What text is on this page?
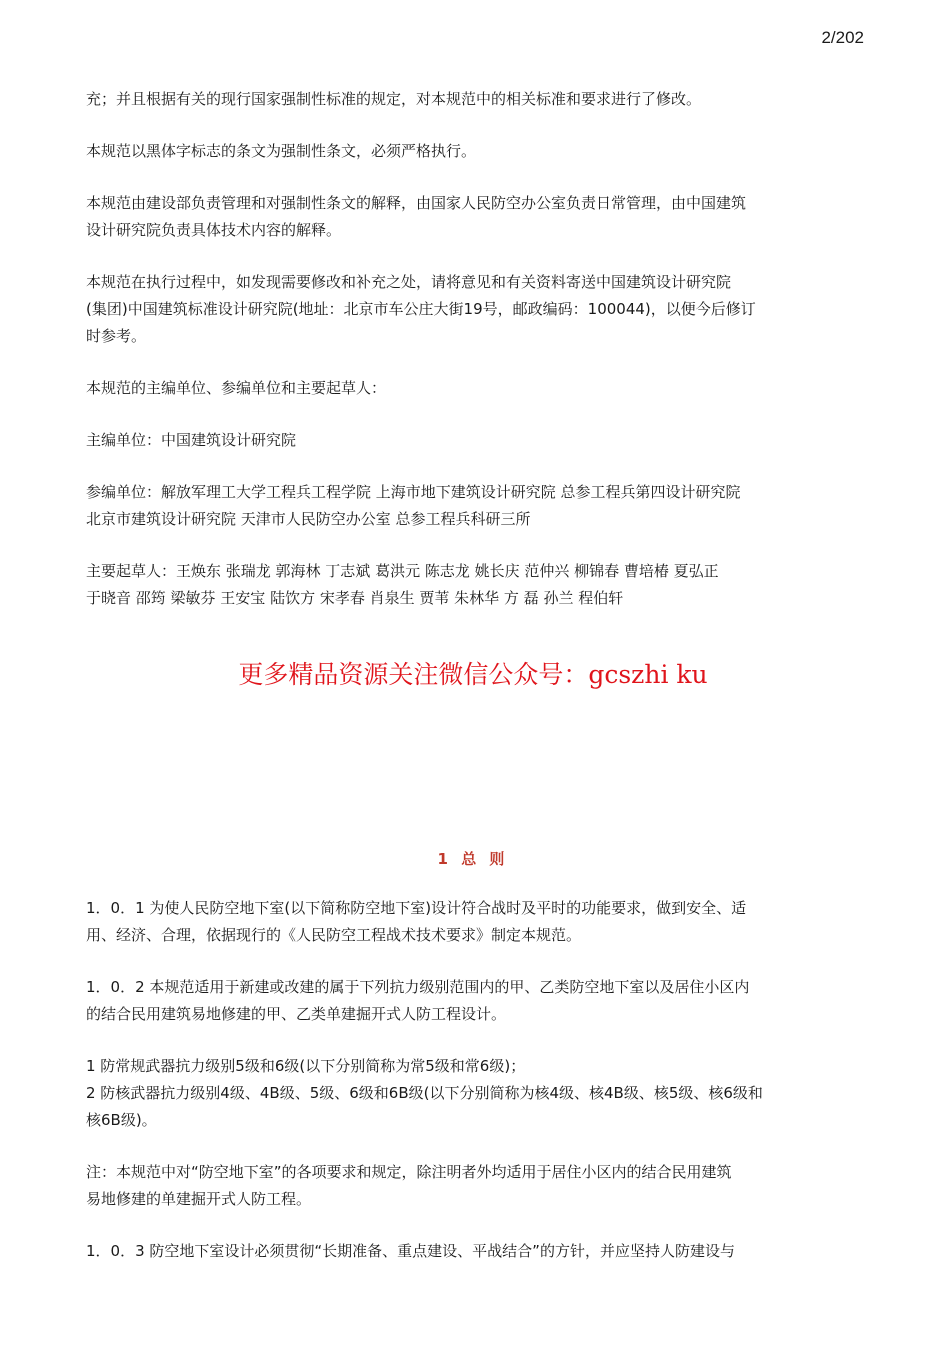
2/202

充；并且根据有关的现行国家强制性标准的规定，对本规范中的相关标准和要求进行了修改。

本规范以黑体字标志的条文为强制性条文，必须严格执行。

本规范由建设部负责管理和对强制性条文的解释，由国家人民防空办公室负责日常管理，由中国建筑
设计研究院负责具体技术内容的解释。

本规范在执行过程中，如发现需要修改和补充之处，请将意见和有关资料寄送中国建筑设计研究院
(集团)中国建筑标准设计研究院(地址：北京市车公庄大街19号，邮政编码：100044)，以便今后修订
时参考。

本规范的主编单位、参编单位和主要起草人：

主编单位：中国建筑设计研究院

参编单位：解放军理工大学工程兵工程学院 上海市地下建筑设计研究院 总参工程兵第四设计研究院
北京市建筑设计研究院 天津市人民防空办公室 总参工程兵科研三所

主要起草人：王焕东 张瑞龙 郭海林 丁志斌 葛洪元 陈志龙 姚长庆 范仲兴 柳锦春 曹培椿 夏弘正
于晓音 邵筠 梁敏芬 王安宝 陆饮方 宋孝春 肖泉生 贾苇 朱林华 方 磊 孙兰 程伯轩

更多精品资源关注微信公众号：gcszhi ku

1 总 则

1．0．1 为使人民防空地下室(以下简称防空地下室)设计符合战时及平时的功能要求，做到安全、适
用、经济、合理，依据现行的《人民防空工程战术技术要求》制定本规范。

1．0．2 本规范适用于新建或改建的属于下列抗力级别范围内的甲、乙类防空地下室以及居住小区内
的结合民用建筑易地修建的甲、乙类单建掘开式人防工程设计。

1 防常规武器抗力级别5级和6级(以下分别简称为常5级和常6级)；
2 防核武器抗力级别4级、4B级、5级、6级和6B级(以下分别简称为核4级、核4B级、核5级、核6级和
核6B级)。

注：本规范中对“防空地下室”的各项要求和规定，除注明者外均适用于居住小区内的结合民用建筑
易地修建的单建掘开式人防工程。

1．0．3 防空地下室设计必须贯彻“长期准备、重点建设、平战结合”的方针，并应坚持人防建设与
